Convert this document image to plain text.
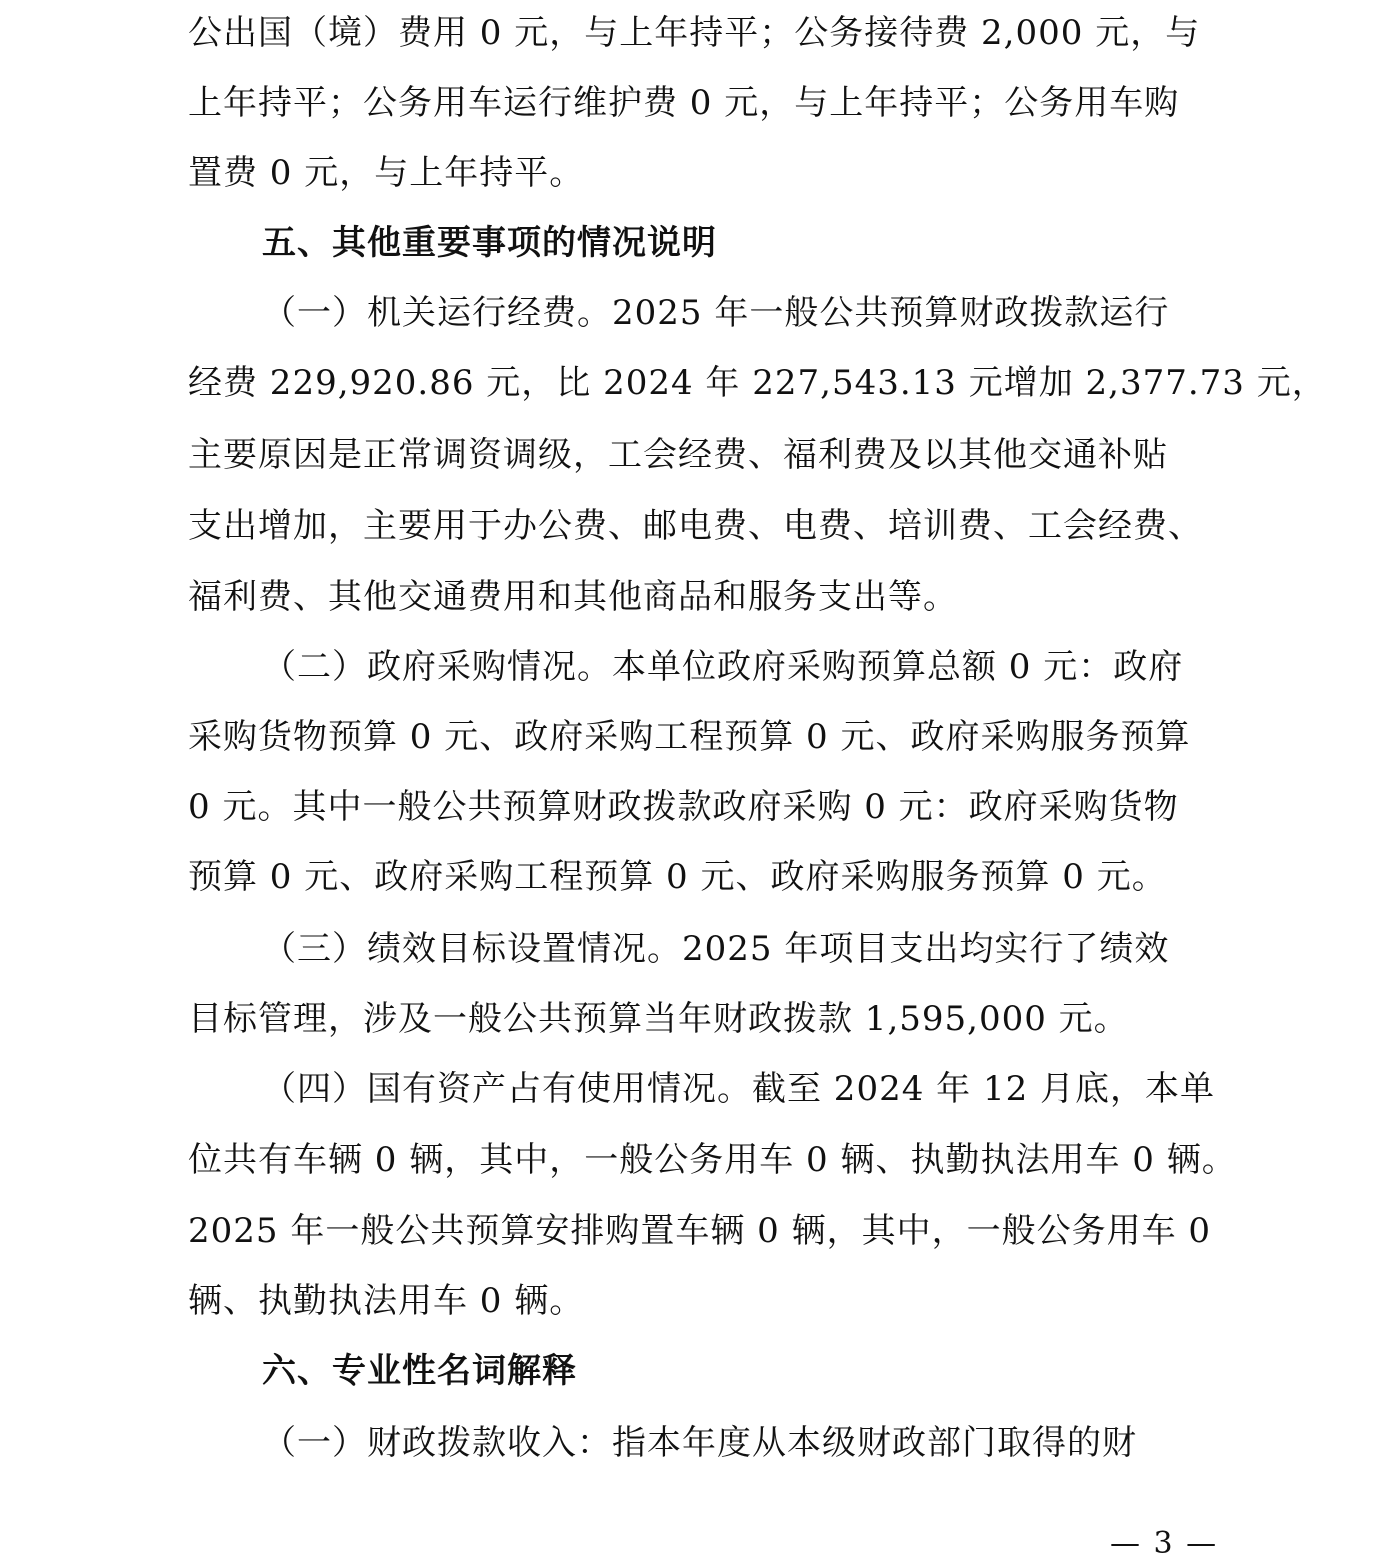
公出国（境）费用 0 元，与上年持平；公务接待费 2,000 元，与
上年持平；公务用车运行维护费 0 元，与上年持平；公务用车购
置费 0 元，与上年持平。
五、其他重要事项的情况说明
（一）机关运行经费。2025 年一般公共预算财政拨款运行
经费 229,920.86 元，比 2024 年 227,543.13 元增加 2,377.73 元，
主要原因是正常调资调级，工会经费、福利费及以其他交通补贴
支出增加，主要用于办公费、邮电费、电费、培训费、工会经费、
福利费、其他交通费用和其他商品和服务支出等。
（二）政府采购情况。本单位政府采购预算总额 0 元：政府
采购货物预算 0 元、政府采购工程预算 0 元、政府采购服务预算
0 元。其中一般公共预算财政拨款政府采购 0 元：政府采购货物
预算 0 元、政府采购工程预算 0 元、政府采购服务预算 0 元。
（三）绩效目标设置情况。2025 年项目支出均实行了绩效
目标管理，涉及一般公共预算当年财政拨款 1,595,000 元。
（四）国有资产占有使用情况。截至 2024 年 12 月底，本单
位共有车辆 0 辆，其中，一般公务用车 0 辆、执勤执法用车 0 辆。
2025 年一般公共预算安排购置车辆 0 辆，其中，一般公务用车 0
辆、执勤执法用车 0 辆。
六、专业性名词解释
（一）财政拨款收入：指本年度从本级财政部门取得的财
— 3 —
